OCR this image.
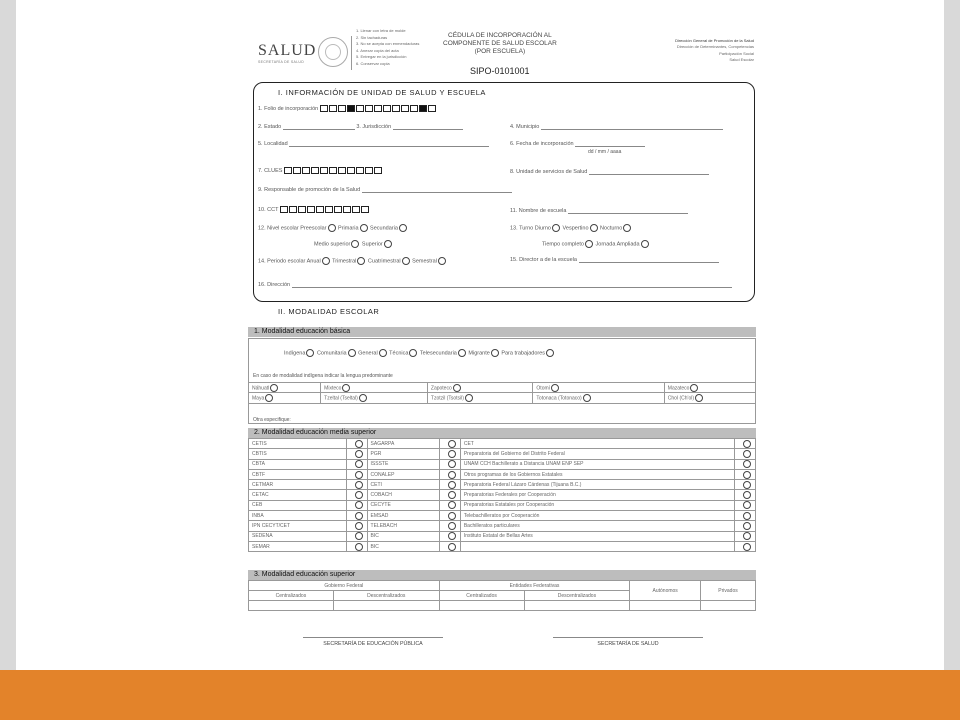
SALUD
SECRETARÍA DE SALUD
1. Llenar con letra de molde
2. Sin tachaduras
3. No se acepta con enmendaduras
4. Anexar copia del acta
5. Entregar en la jurisdicción
6. Conservar copia
CÉDULA DE INCORPORACIÓN AL
COMPONENTE DE SALUD ESCOLAR
(POR ESCUELA)
SIPO-0101001
Dirección General de Promoción de la Salud
Dirección de Determinantes, Competencias
Participación Social
Salud Escolar
I. INFORMACIÓN DE UNIDAD DE SALUD Y ESCUELA
1. Folio de incorporación
2. Estado	3. Jurisdicción	4. Municipio
5. Localidad	6. Fecha de incorporación
dd / mm / aaaa
7. CLUES	8. Unidad de servicios de Salud
9. Responsable de promoción de la Salud
10. CCT	11. Nombre de escuela
12. Nivel escolar Preescolar Primaria Secundaria	13. Turno Diurno Vespertino Nocturno
Medio superior Superior	Tiempo completo Jornada Ampliada
14. Periodo escolar Anual Trimestral Cuatrimestral Semestral	15. Director a de la escuela
16. Dirección
II. MODALIDAD ESCOLAR
1. Modalidad educación básica
Indígena Comunitaria General Técnica Telesecundaria Migrante Para trabajadores
En caso de modalidad indígena indicar la lengua predominante
Náhuatl	Mixteco	Zapoteco	Otomí	Mazateco
Maya	Tzeltal (Tseltal)	Tzotzil (Tsotsil)	Totonaca (Totonaco)	Chol (Ch'ol)
Otra especifique:
2. Modalidad educación media superior
CETIS		SAGARPA		CET	
CBTIS		PGR		Preparatoria del Gobierno del Distrito Federal	
CBTA		ISSSTE		UNAM CCH Bachillerato a Distancia UNAM ENP SEP	
CBTF		CONALEP		Otros programas de los Gobiernos Estatales	
CETMAR		CETI		Preparatoria Federal Lázaro Cárdenas (Tijuana B.C.)	
CETAC		COBACH		Preparatorias Federales por Cooperación	
CEB		CECYTE		Preparatorias Estatales por Cooperación	
INBA		EMSAD		Telebachilleratos por Cooperación	
IPN CECYT/CET		TELEBACH		Bachilleratos particulares	
SEDENA		BIC		Instituto Estatal de Bellas Artes	
SEMAR		BIC			
3. Modalidad educación superior
Gobierno Federal		Entidades Federativas		Autónomos	Privados
Centralizados	Descentralizados	Centralizados	Descentralizados		

SECRETARÍA DE EDUCACIÓN PÚBLICA	SECRETARÍA DE SALUD
